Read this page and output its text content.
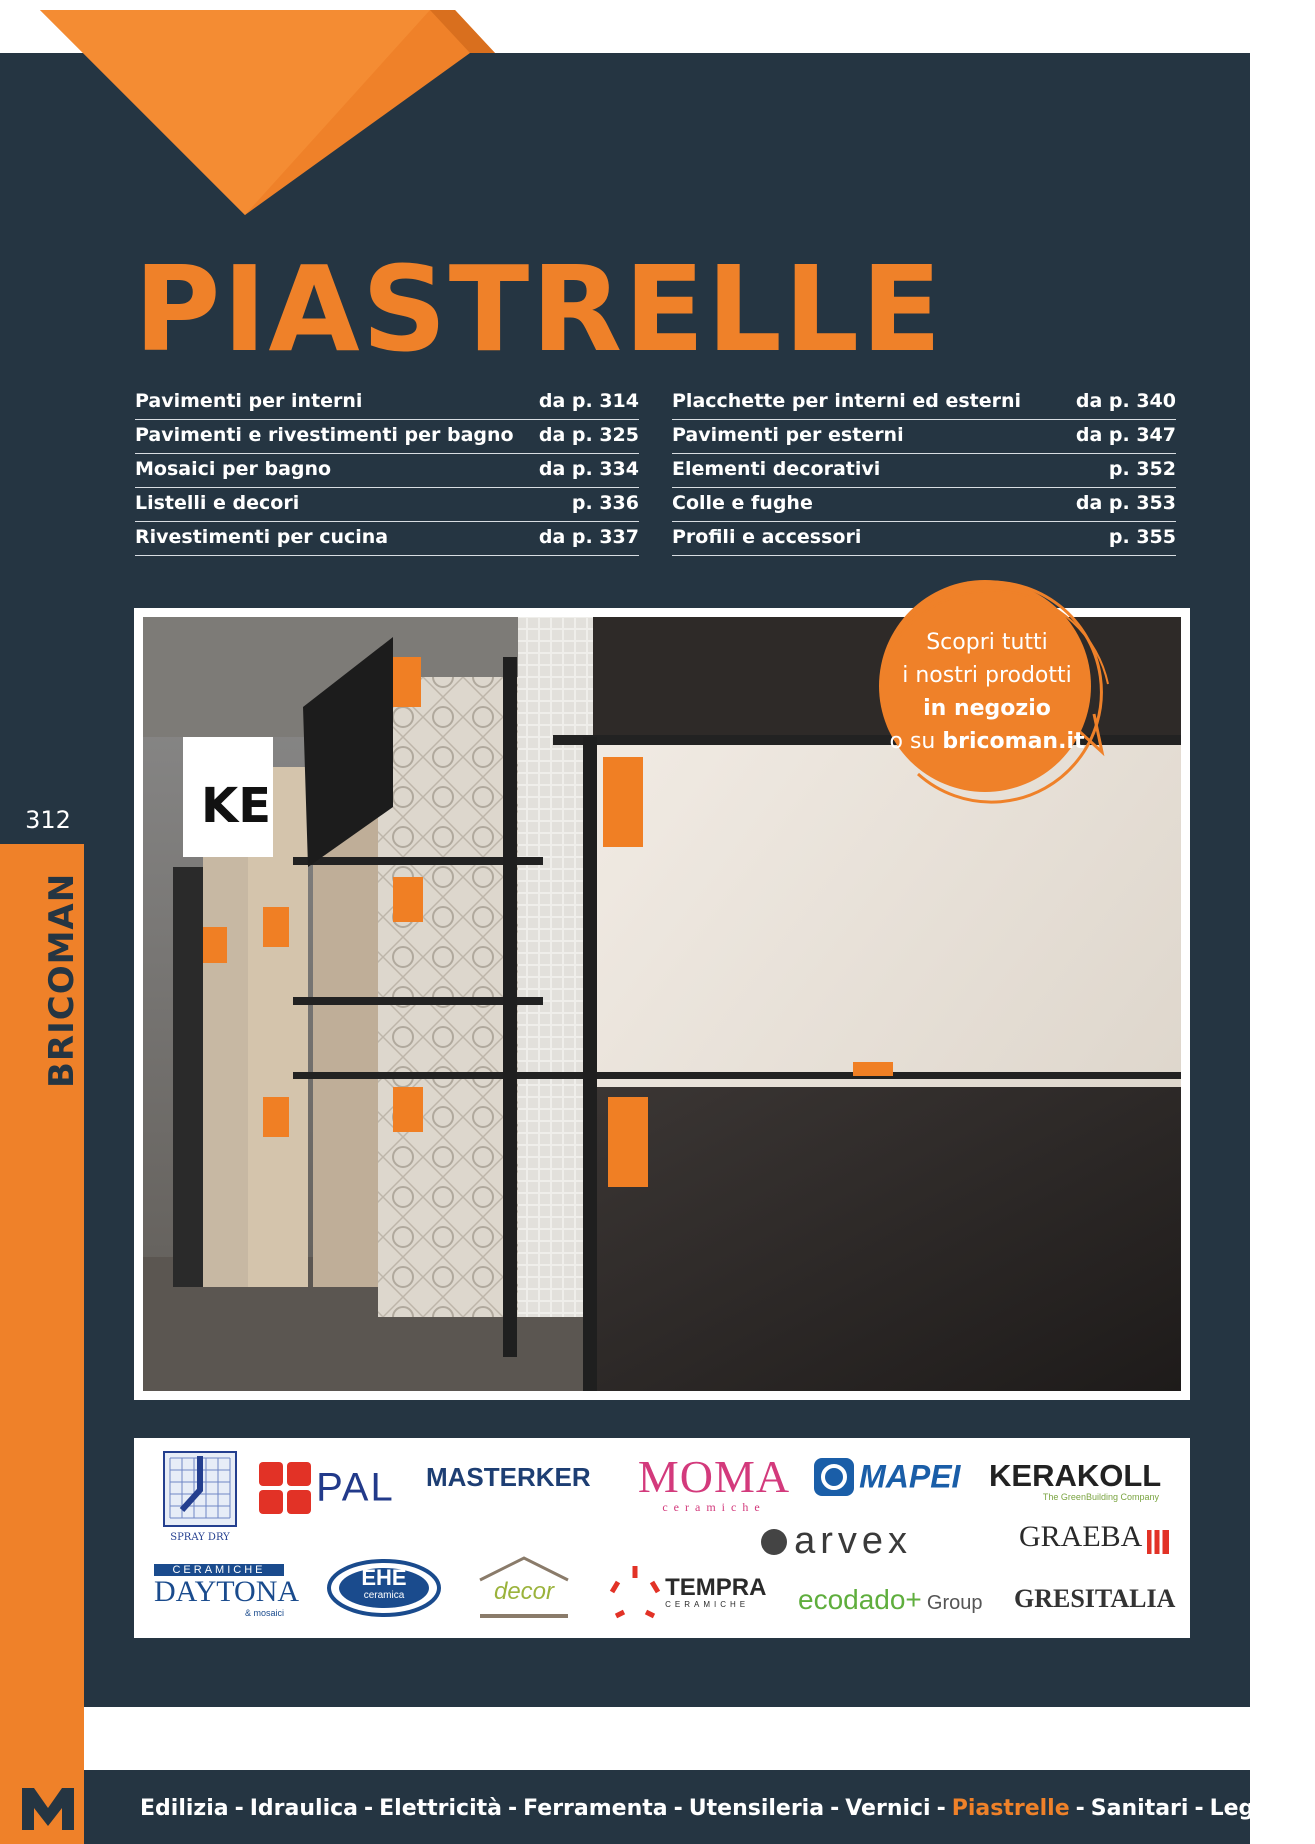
PIASTRELLE
Pavimenti per interni	da p. 314
Pavimenti e rivestimenti per bagno da p. 325
Mosaici per bagno	da p. 334
Listelli e decori	p. 336
Rivestimenti per cucina	da p. 337
Placchette per interni ed esterni	da p. 340
Pavimenti per esterni	da p. 347
Elementi decorativi	p. 352
Colle e fughe	da p. 353
Profili e accessori	p. 355
312
BRICOMAN
KE
Scopri tutti
i nostri prodotti
in negozio
o su bricoman.it
SPRAY DRY
PAL MASTERKER MOMA
ceramiche
MAPEI KERAKOLL
The GreenBuilding Company
arvex	GRAEBA
CERAMICHE
DAYTONA
& mosaici
EHE
ceramica	decor
	TEMPRA
CERAMICHE	ecodado+ Group GRESITALIA
Edilizia - Idraulica - Elettricità - Ferramenta - Utensileria - Vernici - Piastrelle - Sanitari - Legnami
